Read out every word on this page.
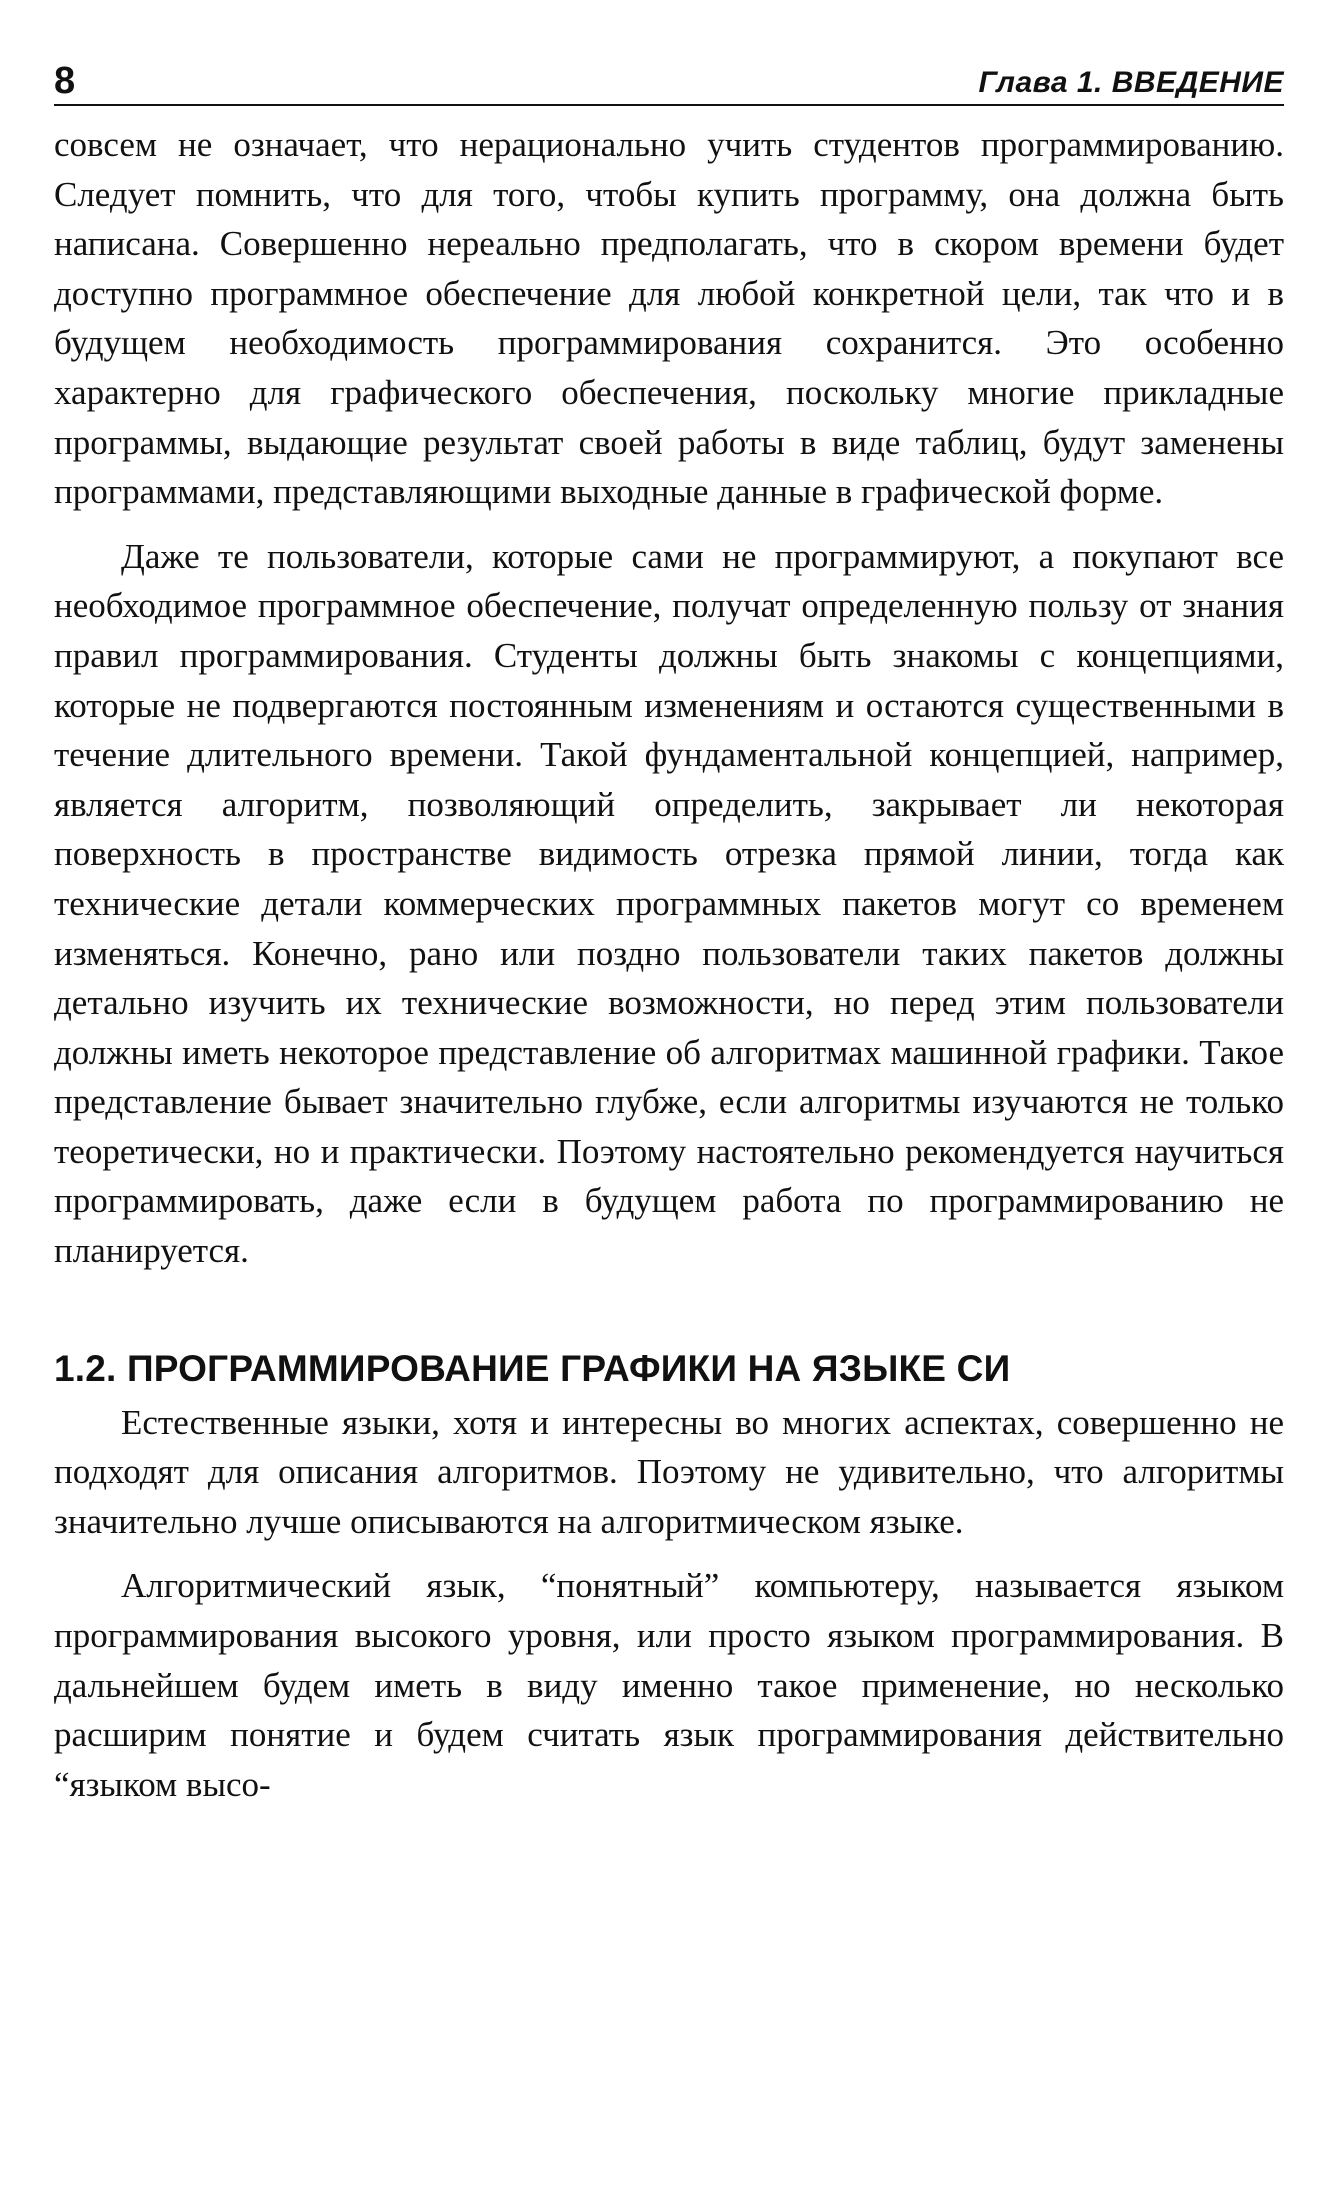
8	Глава 1. ВВЕДЕНИЕ

совсем не означает, что нерационально учить студентов программированию. Следует помнить, что для того, чтобы купить программу, она должна быть написана. Совершенно нереально предполагать, что в скором времени будет доступно программное обеспечение для любой конкретной цели, так что и в будущем необходимость программирования сохранится. Это особенно характерно для графического обеспечения, поскольку многие прикладные программы, выдающие результат своей работы в виде таблиц, будут заменены программами, представляющими выходные данные в графической форме.

Даже те пользователи, которые сами не программируют, а покупают все необходимое программное обеспечение, получат определенную пользу от знания правил программирования. Студенты должны быть знакомы с концепциями, которые не подвергаются постоянным изменениям и остаются существенными в течение длительного времени. Такой фундаментальной концепцией, например, является алгоритм, позволяющий определить, закрывает ли некоторая поверхность в пространстве видимость отрезка прямой линии, тогда как технические детали коммерческих программных пакетов могут со временем изменяться. Конечно, рано или поздно пользователи таких пакетов должны детально изучить их технические возможности, но перед этим пользователи должны иметь некоторое представление об алгоритмах машинной графики. Такое представление бывает значительно глубже, если алгоритмы изучаются не только теоретически, но и практически. Поэтому настоятельно рекомендуется научиться программировать, даже если в будущем работа по программированию не планируется.

1.2. ПРОГРАММИРОВАНИЕ ГРАФИКИ НА ЯЗЫКЕ СИ

Естественные языки, хотя и интересны во многих аспектах, совершенно не подходят для описания алгоритмов. Поэтому не удивительно, что алгоритмы значительно лучше описываются на алгоритмическом языке.

Алгоритмический язык, “понятный” компьютеру, называется языком программирования высокого уровня, или просто языком программирования. В дальнейшем будем иметь в виду именно такое применение, но несколько расширим понятие и будем считать язык программирования действительно “языком высо-
